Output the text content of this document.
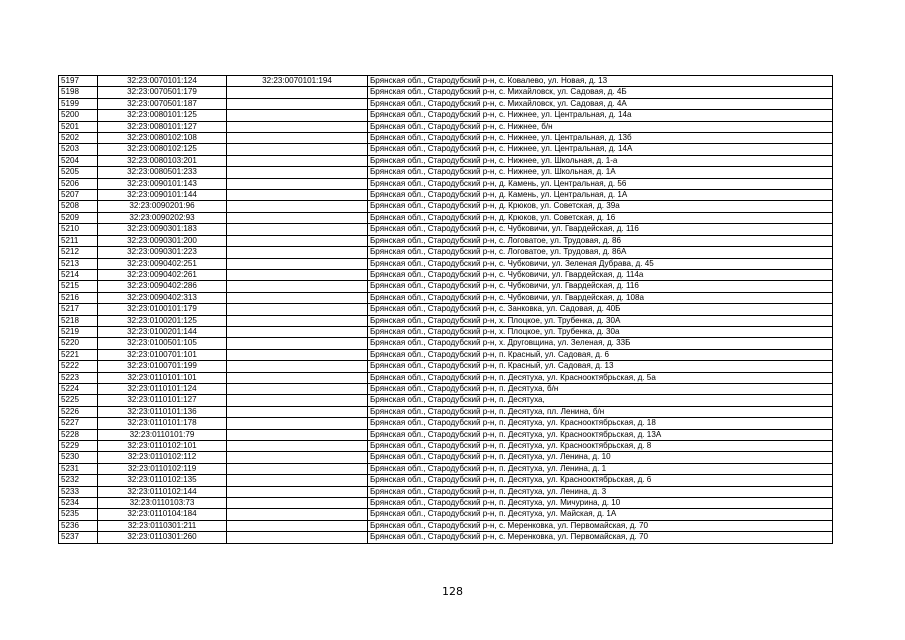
5197	32:23:0070101:124	32:23:0070101:194	Брянская обл., Стародубский р-н, с. Ковалево, ул. Новая, д. 13
5198	32:23:0070501:179		Брянская обл., Стародубский р-н, с. Михайловск, ул. Садовая, д. 4Б
5199	32:23:0070501:187		Брянская обл., Стародубский р-н, с. Михайловск, ул. Садовая, д. 4А
5200	32:23:0080101:125		Брянская обл., Стародубский р-н, с. Нижнее, ул. Центральная, д. 14а
5201	32:23:0080101:127		Брянская обл., Стародубский р-н, с. Нижнее, б/н
5202	32:23:0080102:108		Брянская обл., Стародубский р-н, с. Нижнее, ул. Центральная, д. 13б
5203	32:23:0080102:125		Брянская обл., Стародубский р-н, с. Нижнее, ул. Центральная, д. 14А
5204	32:23:0080103:201		Брянская обл., Стародубский р-н, с. Нижнее, ул. Школьная, д. 1-а
5205	32:23:0080501:233		Брянская обл., Стародубский р-н, с. Нижнее, ул. Школьная, д. 1А
5206	32:23:0090101:143		Брянская обл., Стародубский р-н, д. Камень, ул. Центральная, д. 56
5207	32:23:0090101:144		Брянская обл., Стародубский р-н, д. Камень, ул. Центральная, д. 1А
5208	32:23:0090201:96		Брянская обл., Стародубский р-н, д. Крюков, ул. Советская, д. 39а
5209	32:23:0090202:93		Брянская обл., Стародубский р-н, д. Крюков, ул. Советская, д. 16
5210	32:23:0090301:183		Брянская обл., Стародубский р-н, с. Чубковичи, ул. Гвардейская, д. 116
5211	32:23:0090301:200		Брянская обл., Стародубский р-н, с. Логоватое, ул. Трудовая, д. 86
5212	32:23:0090301:223		Брянская обл., Стародубский р-н, с. Логоватое, ул. Трудовая, д. 86А
5213	32:23:0090402:251		Брянская обл., Стародубский р-н, с. Чубковичи, ул. Зеленая Дубрава, д. 45
5214	32:23:0090402:261		Брянская обл., Стародубский р-н, с. Чубковичи, ул. Гвардейская, д. 114а
5215	32:23:0090402:286		Брянская обл., Стародубский р-н, с. Чубковичи, ул. Гвардейская, д. 116
5216	32:23:0090402:313		Брянская обл., Стародубский р-н, с. Чубковичи, ул. Гвардейская, д. 108а
5217	32:23:0100101:179		Брянская обл., Стародубский р-н, с. Занковка, ул. Садовая, д. 40Б
5218	32:23:0100201:125		Брянская обл., Стародубский р-н, х. Плоцкое, ул. Трубенка, д. 30А
5219	32:23:0100201:144		Брянская обл., Стародубский р-н, х. Плоцкое, ул. Трубенка, д. 30а
5220	32:23:0100501:105		Брянская обл., Стародубский р-н, х. Друговщина, ул. Зеленая, д. 33Б
5221	32:23:0100701:101		Брянская обл., Стародубский р-н, п. Красный, ул. Садовая, д. 6
5222	32:23:0100701:199		Брянская обл., Стародубский р-н, п. Красный, ул. Садовая, д. 13
5223	32:23:0110101:101		Брянская обл., Стародубский р-н, п. Десятуха, ул. Краснооктябрьская, д. 5а
5224	32:23:0110101:124		Брянская обл., Стародубский р-н, п. Десятуха, б/н
5225	32:23:0110101:127		Брянская обл., Стародубский р-н, п. Десятуха,
5226	32:23:0110101:136		Брянская обл., Стародубский р-н, п. Десятуха, пл. Ленина, б/н
5227	32:23:0110101:178		Брянская обл., Стародубский р-н, п. Десятуха, ул. Краснооктябрьская, д. 18
5228	32:23:0110101:79		Брянская обл., Стародубский р-н, п. Десятуха, ул. Краснооктябрьская, д. 13А
5229	32:23:0110102:101		Брянская обл., Стародубский р-н, п. Десятуха, ул. Краснооктябрьская, д. 8
5230	32:23:0110102:112		Брянская обл., Стародубский р-н, п. Десятуха, ул. Ленина, д. 10
5231	32:23:0110102:119		Брянская обл., Стародубский р-н, п. Десятуха, ул. Ленина, д. 1
5232	32:23:0110102:135		Брянская обл., Стародубский р-н, п. Десятуха, ул. Краснооктябрьская, д. 6
5233	32:23:0110102:144		Брянская обл., Стародубский р-н, п. Десятуха, ул. Ленина, д. 3
5234	32:23:0110103:73		Брянская обл., Стародубский р-н, п. Десятуха, ул. Мичурина, д. 10
5235	32:23:0110104:184		Брянская обл., Стародубский р-н, п. Десятуха, ул. Майская, д. 1А
5236	32:23:0110301:211		Брянская обл., Стародубский р-н, с. Меренковка, ул. Первомайская, д. 70
5237	32:23:0110301:260		Брянская обл., Стародубский р-н, с. Меренковка, ул. Первомайская, д. 70
128
